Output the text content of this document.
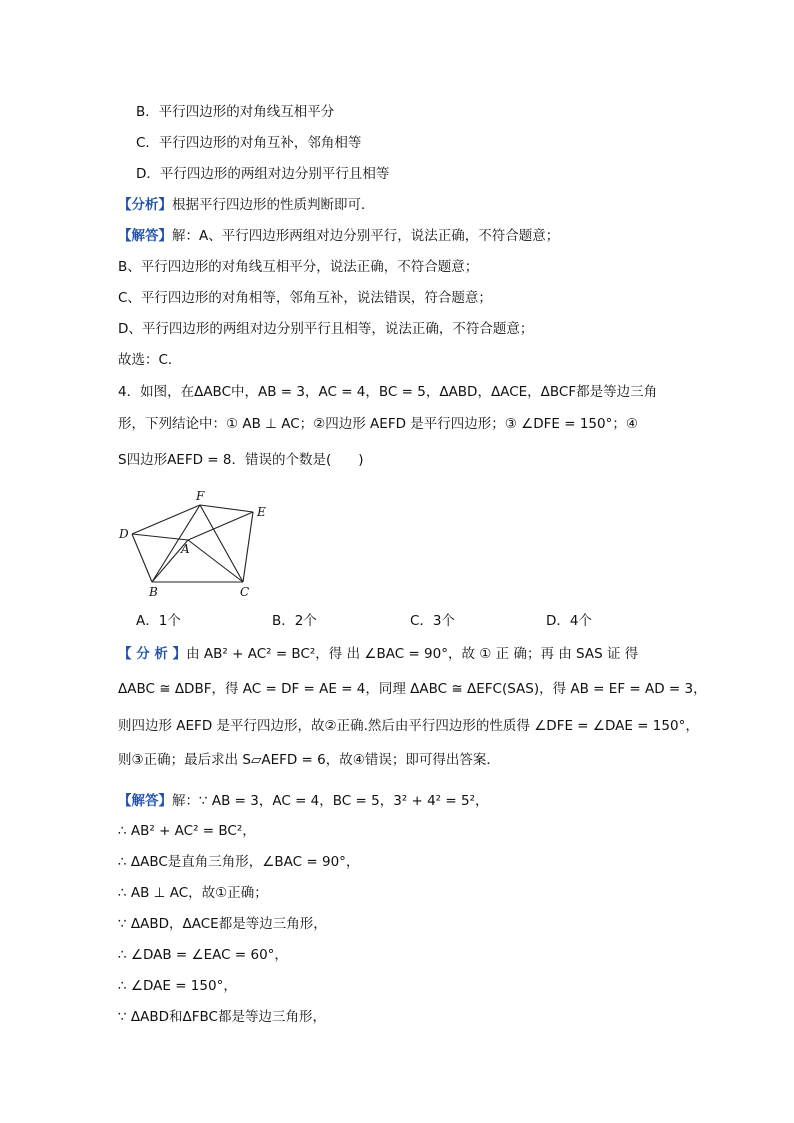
B．平行四边形的对角线互相平分
C．平行四边形的对角互补，邻角相等
D．平行四边形的两组对边分别平行且相等
【分析】根据平行四边形的性质判断即可．
【解答】解：A、平行四边形两组对边分别平行，说法正确，不符合题意；
B、平行四边形的对角线互相平分，说法正确，不符合题意；
C、平行四边形的对角相等，邻角互补，说法错误，符合题意；
D、平行四边形的两组对边分别平行且相等，说法正确，不符合题意；
故选：C．
4．如图，在ΔABC中，AB = 3，AC = 4，BC = 5，ΔABD，ΔACE，ΔBCF都是等边三角
形，下列结论中：① AB ⊥ AC；②四边形 AEFD 是平行四边形；③ ∠DFE = 150°；④
S四边形AEFD = 8．错误的个数是(　　)
F
E
D
A
B	C
A．1个	B．2个	C．3个	D．4个
【 分 析 】由 AB² + AC² = BC²，得 出 ∠BAC = 90°，故 ① 正 确；再 由 SAS 证 得
ΔABC ≅ ΔDBF，得 AC = DF = AE = 4，同理 ΔABC ≅ ΔEFC(SAS)，得 AB = EF = AD = 3，
则四边形 AEFD 是平行四边形，故②正确.然后由平行四边形的性质得 ∠DFE = ∠DAE = 150°，
则③正确；最后求出 S▱AEFD = 6，故④错误；即可得出答案．
【解答】解：∵ AB = 3，AC = 4，BC = 5，3² + 4² = 5²，
∴ AB² + AC² = BC²，
∴ ΔABC是直角三角形，∠BAC = 90°，
∴ AB ⊥ AC，故①正确；
∵ ΔABD，ΔACE都是等边三角形，
∴ ∠DAB = ∠EAC = 60°，
∴ ∠DAE = 150°，
∵ ΔABD和ΔFBC都是等边三角形，
